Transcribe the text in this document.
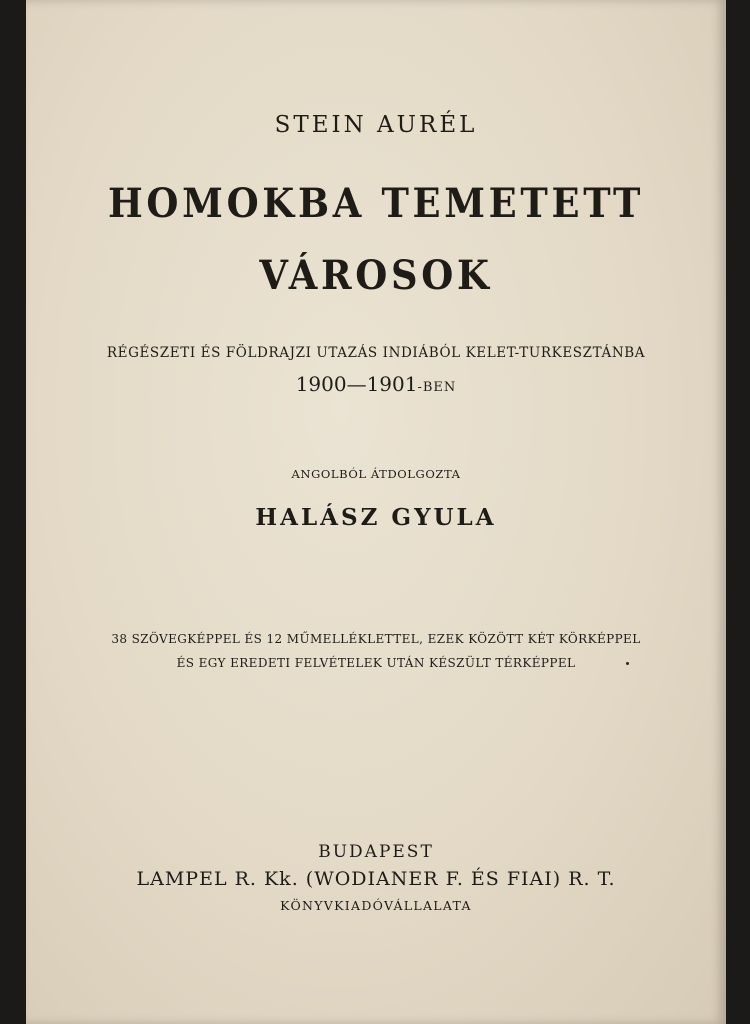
STEIN AURÉL
HOMOKBA TEMETETT
VÁROSOK
RÉGÉSZETI ÉS FÖLDRAJZI UTAZÁS INDIÁBÓL KELET-TURKESZTÁNBA
1900—1901-BEN
ANGOLBÓL ÁTDOLGOZTA
HALÁSZ GYULA
38 SZÖVEGKÉPPEL ÉS 12 MŰMELLÉKLETTEL, EZEK KÖZÖTT KÉT KÖRKÉPPEL
ÉS EGY EREDETI FELVÉTELEK UTÁN KÉSZÜLT TÉRKÉPPEL
BUDAPEST
LAMPEL R. Kk. (WODIANER F. ÉS FIAI) R. T.
KÖNYVKIADÓVÁLLALATA
